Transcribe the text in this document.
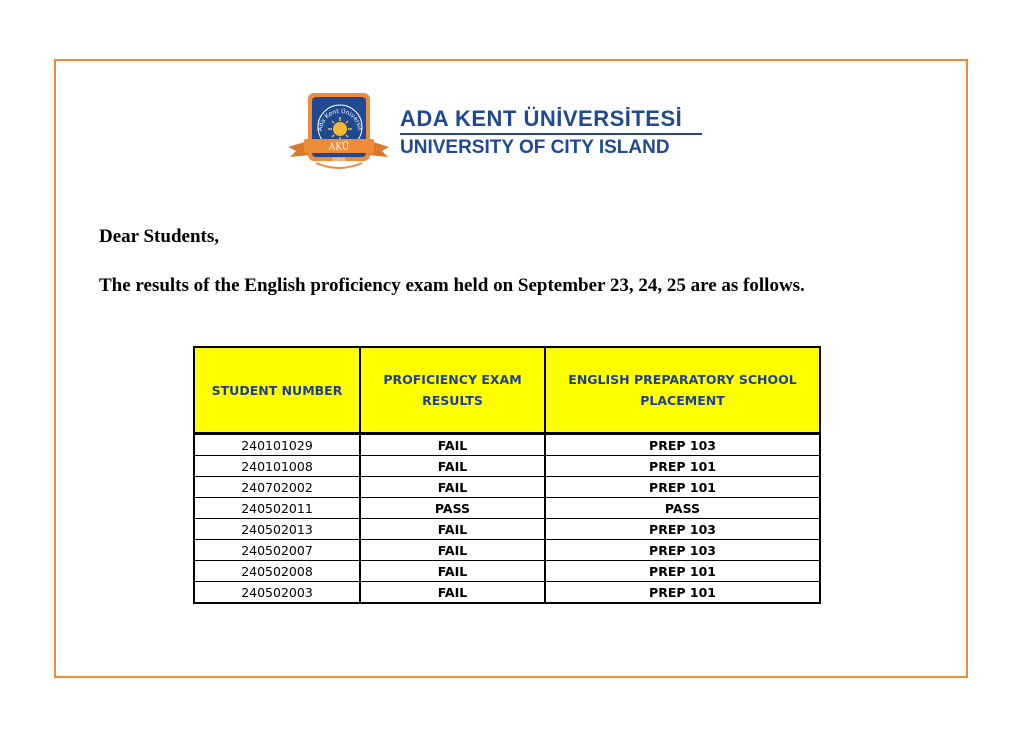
Ada Kent Üniversit
AKÜ
KIBRIS
ADA KENT ÜNİVERSİTESİ
UNIVERSITY OF CITY ISLAND
Dear Students,
The results of the English proficiency exam held on September 23, 24, 25 are as follows.
STUDENT NUMBER	PROFICIENCY EXAM RESULTS	ENGLISH PREPARATORY SCHOOL PLACEMENT
240101029	FAIL	PREP 103
240101008	FAIL	PREP 101
240702002	FAIL	PREP 101
240502011	PASS	PASS
240502013	FAIL	PREP 103
240502007	FAIL	PREP 103
240502008	FAIL	PREP 101
240502003	FAIL	PREP 101
